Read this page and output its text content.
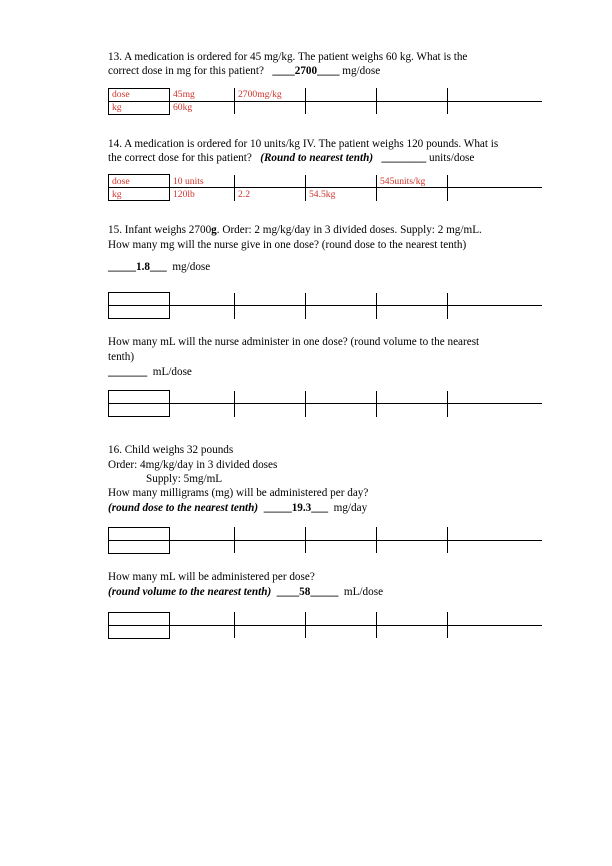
13. A medication is ordered for 45 mg/kg. The patient weighs 60 kg. What is the correct dose in mg for this patient? ____2700____ mg/dose

dose	45mg	2700mg/kg			
kg	60kg				

14. A medication is ordered for 10 units/kg IV. The patient weighs 120 pounds. What is the correct dose for this patient? (Round to nearest tenth) ________ units/dose

dose	10 units			545units/kg	
kg	120lb	2.2	54.5kg		

15. Infant weighs 2700g. Order: 2 mg/kg/day in 3 divided doses. Supply: 2 mg/mL. How many mg will the nurse give in one dose? (round dose to the nearest tenth)

_____1.8___ mg/dose

How many mL will the nurse administer in one dose? (round volume to the nearest tenth)

_______ mL/dose

16. Child weighs 32 pounds

Order: 4mg/kg/day in 3 divided doses

Supply: 5mg/mL

How many milligrams (mg) will be administered per day?

(round dose to the nearest tenth) _____19.3___ mg/day

How many mL will be administered per dose?

(round volume to the nearest tenth) ____58_____ mL/dose
